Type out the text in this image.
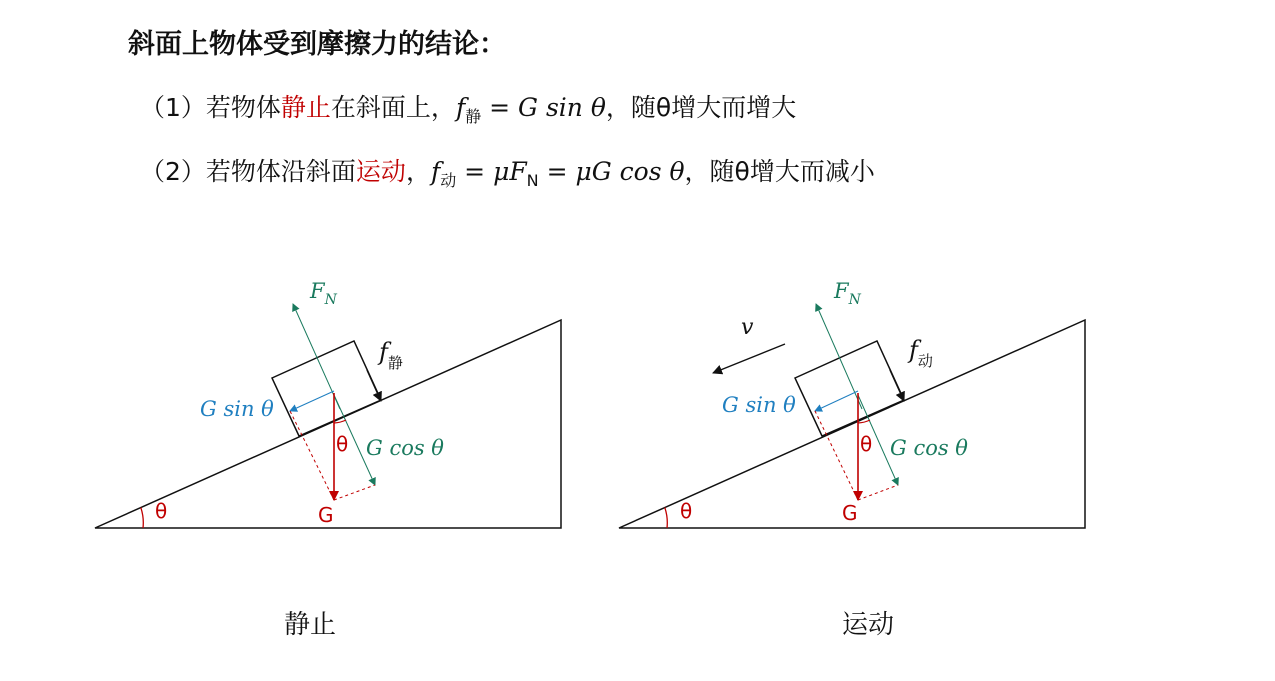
斜面上物体受到摩擦力的结论：
（1）若物体静止在斜面上，$f_静 = G$ sin θ，随θ增大而增大
（2）若物体沿斜面运动，$f_动 = \mu F_N = \mu G$ cos θ，随θ增大而减小
θ
$F_N$
$f_静$
G sin θ
G cos θ
θ
G	θ
v
$F_N$
$f_动$
G sin θ
G cos θ
θ
G
静止	运动
